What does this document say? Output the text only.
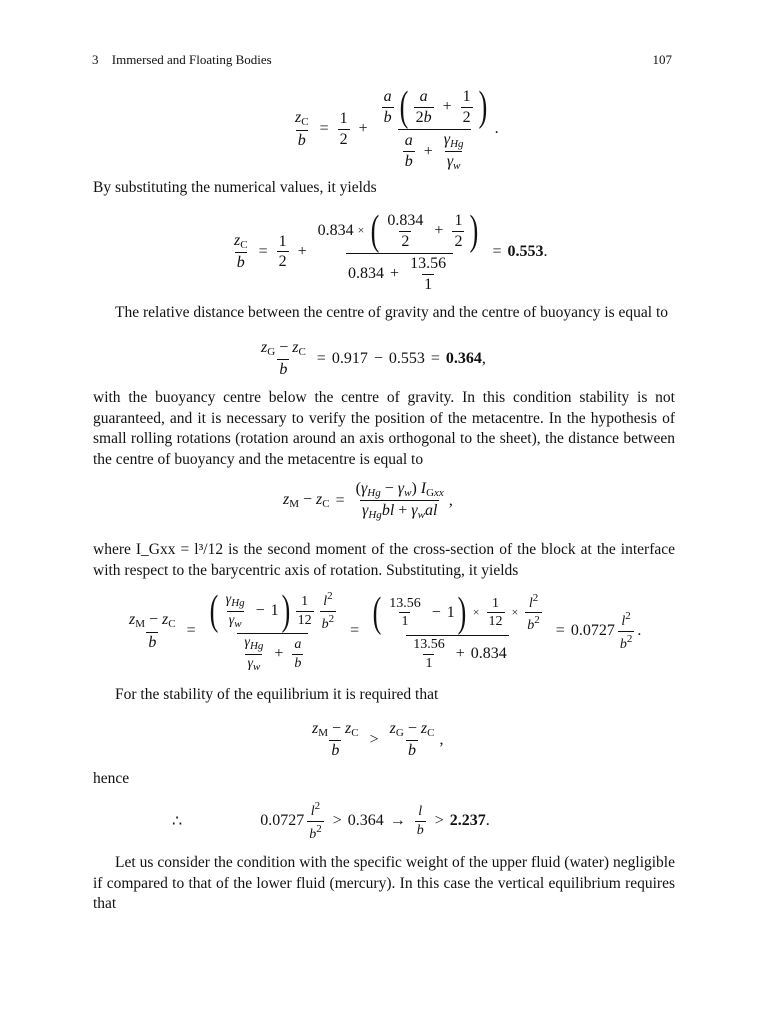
3 Immersed and Floating Bodies	107
$\frac{z_C}{b} = \frac{1}{2} + \frac{\frac{a}{b} ( \frac{a}{2b} + \frac{1}{2} )}{\frac{a}{b} + \frac{\text{γHg}}{\gamma w}}$ .

By substituting the numerical values, it yields

$\frac{z_C}{b} = \frac{1}{2}$ +
0.834 × ( $\frac{0.834}{2} + \frac{1}{2}$ )
$0.834 + \frac{13.56}{1}$
= 0.553 .

The relative distance between the centre of gravity and the centre of buoyancy is equal to

$\frac{z_G - z_C}{b} = 0.917 - 0.553 = 0.364$ ,

with the buoyancy centre below the centre of gravity. In this condition stability is not guaranteed, and it is necessary to verify the position of the metacentre. In the hypothesis of small rolling rotations (rotation around an axis orthogonal to the sheet), the distance between the centre of buoyancy and the metacentre is equal to

$z_M - z_C = \frac{(\gamma Hg - \gamma w) I_{Gxx}}{\text{γHgbl + γwal}}$ ,

where I_Gxx = l³/12 is the second moment of the cross-section of the block at the interface with respect to the barycentric axis of rotation. Substituting, it yields

$\frac{z_M - z_C}{b}$ = ( $\frac{\gamma_{Hg}}{\gamma_w} - 1$ ) $\frac{1}{12} \frac{l^2}{b^2}$
$\frac{\gamma_{Hg}}{\gamma_w} + \frac{a}{b}$
= ( $\frac{13.56}{1} - 1$ ) × $\frac{1}{12} \times \frac{l^2}{b^2}$
$\frac{13.56}{1} + 0.834$
= $0.0727 \frac{l^2}{b^2}$ .

For the stability of the equilibrium it is required that

$\frac{z_M - z_C}{b} > \frac{z_G - z_C}{b}$ ,

hence

∴	$0.0727 \frac{l^2}{b^2} > 0.364 \to \frac{l}{b} > 2.237$ .

Let us consider the condition with the specific weight of the upper fluid (water) negligible if compared to that of the lower fluid (mercury). In this case the vertical equilibrium requires that
